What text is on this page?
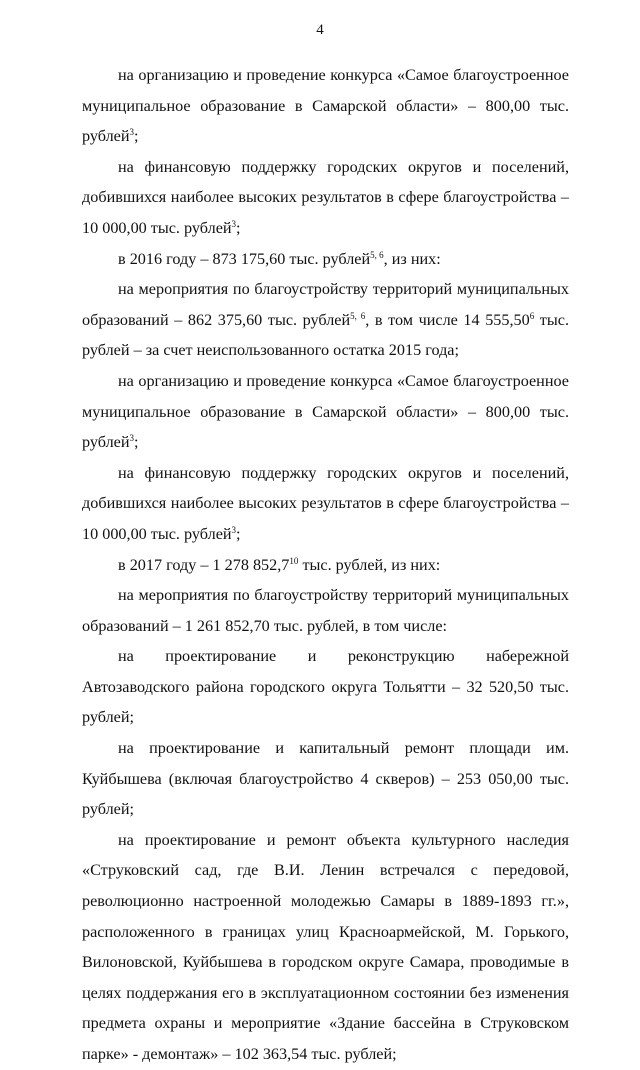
4

на организацию и проведение конкурса «Самое благоустроенное муниципальное образование в Самарской области» – 800,00 тыс. рублей$^3$;

на финансовую поддержку городских округов и поселений, добившихся наиболее высоких результатов в сфере благоустройства – 10 000,00 тыс. рублей$^3$;

в 2016 году – 873 175,60 тыс. рублей$^{5, 6}$, из них:

на мероприятия по благоустройству территорий муниципальных образований – 862 375,60 тыс. рублей$^{5, 6}$, в том числе 14 555,50$^6$ тыс. рублей – за счет неиспользованного остатка 2015 года;

на организацию и проведение конкурса «Самое благоустроенное муниципальное образование в Самарской области» – 800,00 тыс. рублей$^3$;

на финансовую поддержку городских округов и поселений, добившихся наиболее высоких результатов в сфере благоустройства – 10 000,00 тыс. рублей$^3$;

в 2017 году – 1 278 852,7$^{10}$ тыс. рублей, из них:

на мероприятия по благоустройству территорий муниципальных образований – 1 261 852,70 тыс. рублей, в том числе:

на проектирование и реконструкцию набережной Автозаводского района городского округа Тольятти – 32 520,50 тыс. рублей;

на проектирование и капитальный ремонт площади им. Куйбышева (включая благоустройство 4 скверов) – 253 050,00 тыс. рублей;

на проектирование и ремонт объекта культурного наследия «Струковский сад, где В.И. Ленин встречался с передовой, революционно настроенной молодежью Самары в 1889-1893 гг.», расположенного в границах улиц Красноармейской, М. Горького, Вилоновской, Куйбышева в городском округе Самара, проводимые в целях поддержания его в эксплуатационном состоянии без изменения предмета охраны и мероприятие «Здание бассейна в Струковском парке» - демонтаж» – 102 363,54 тыс. рублей;
